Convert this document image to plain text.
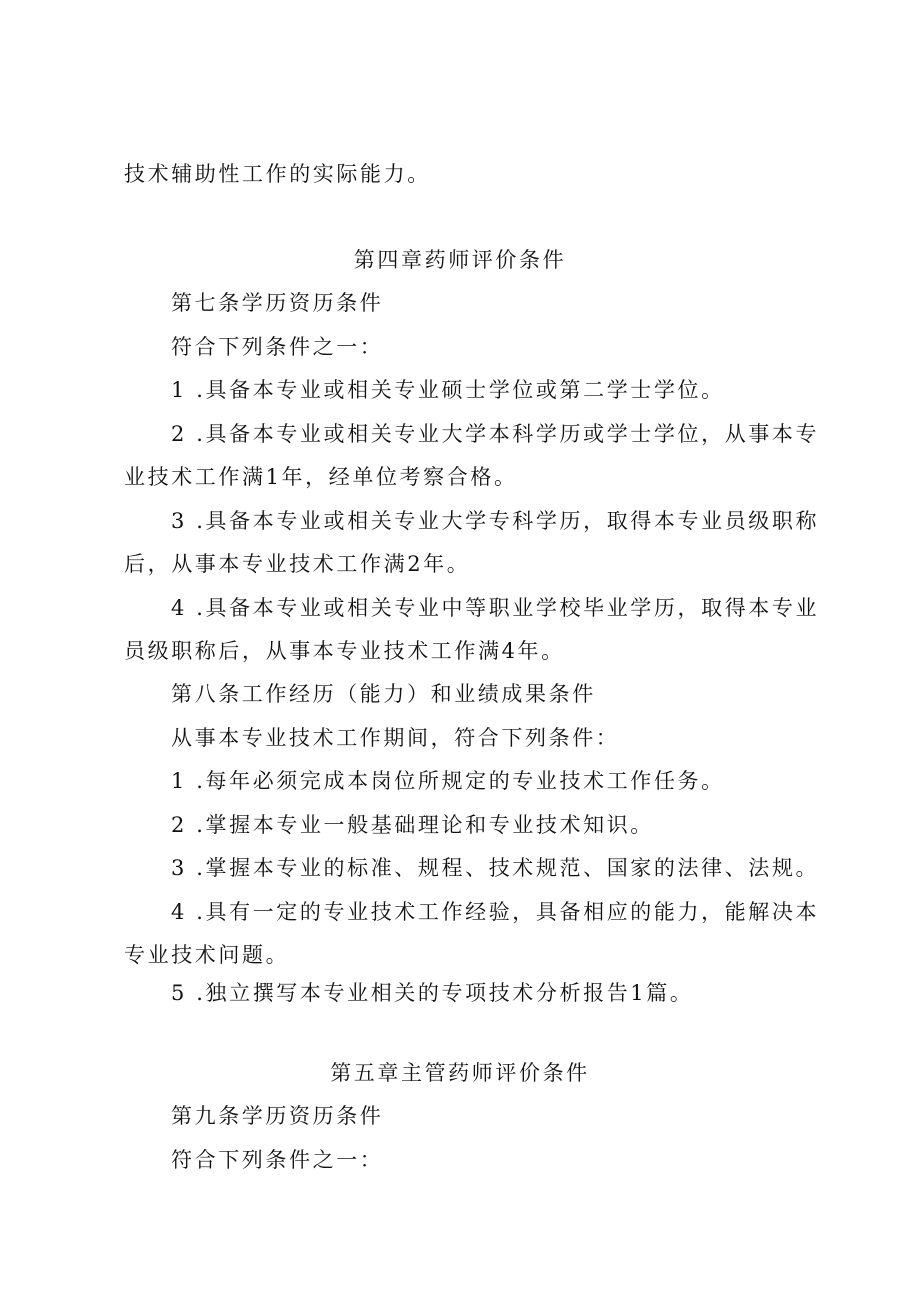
技术辅助性工作的实际能力。
第四章药师评价条件
第七条学历资历条件
符合下列条件之一：
1 .具备本专业或相关专业硕士学位或第二学士学位。
2 .具备本专业或相关专业大学本科学历或学士学位，从事本专
业技术工作满1年，经单位考察合格。
3 .具备本专业或相关专业大学专科学历，取得本专业员级职称
后，从事本专业技术工作满2年。
4 .具备本专业或相关专业中等职业学校毕业学历，取得本专业
员级职称后，从事本专业技术工作满4年。
第八条工作经历（能力）和业绩成果条件
从事本专业技术工作期间，符合下列条件：
1 .每年必须完成本岗位所规定的专业技术工作任务。
2 .掌握本专业一般基础理论和专业技术知识。
3 .掌握本专业的标准、规程、技术规范、国家的法律、法规。
4 .具有一定的专业技术工作经验，具备相应的能力，能解决本
专业技术问题。
5 .独立撰写本专业相关的专项技术分析报告1篇。
第五章主管药师评价条件
第九条学历资历条件
符合下列条件之一：
